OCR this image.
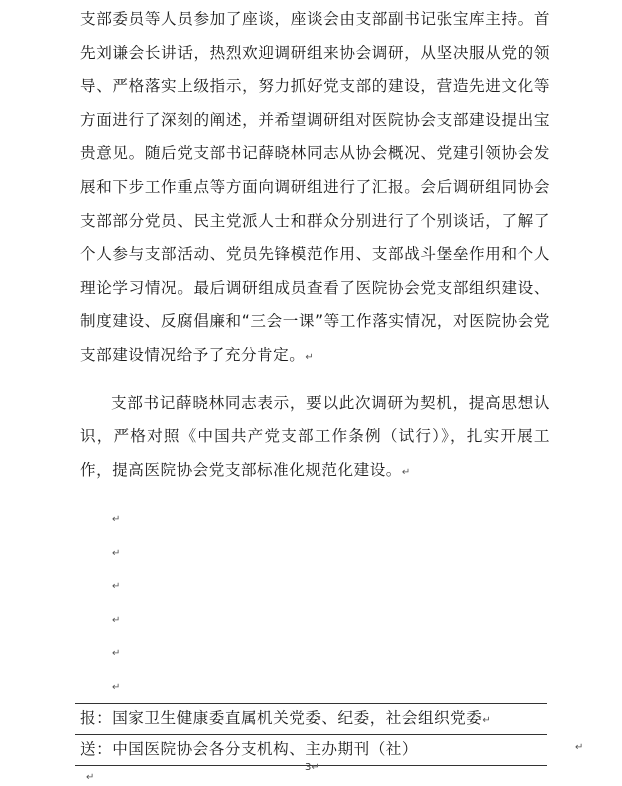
支部委员等人员参加了座谈，座谈会由支部副书记张宝库主持。首先刘谦会长讲话，热烈欢迎调研组来协会调研，从坚决服从党的领导、严格落实上级指示，努力抓好党支部的建设，营造先进文化等方面进行了深刻的阐述，并希望调研组对医院协会支部建设提出宝贵意见。随后党支部书记薛晓林同志从协会概况、党建引领协会发展和下步工作重点等方面向调研组进行了汇报。会后调研组同协会支部部分党员、民主党派人士和群众分别进行了个别谈话，了解了个人参与支部活动、党员先锋模范作用、支部战斗堡垒作用和个人理论学习情况。最后调研组成员查看了医院协会党支部组织建设、制度建设、反腐倡廉和“三会一课”等工作落实情况，对医院协会党支部建设情况给予了充分肯定。↵

支部书记薛晓林同志表示，要以此次调研为契机，提高思想认识，严格对照《中国共产党支部工作条例（试行）》，扎实开展工作，提高医院协会党支部标准化规范化建设。↵

↵
↵
↵
↵
↵
↵
报：国家卫生健康委直属机关党委、纪委，社会组织党委↵
送：中国医院协会各分支机构、主办期刊（社）	↵
3↵
↵
